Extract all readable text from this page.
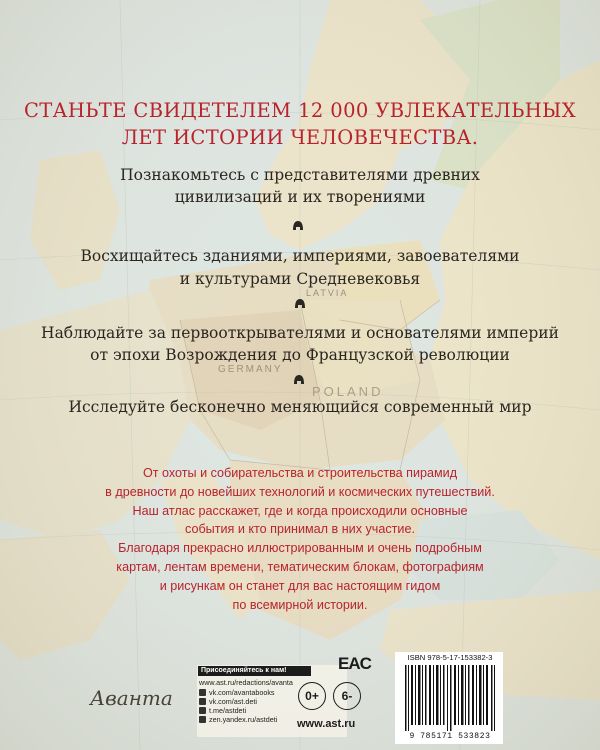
СТАНЬТЕ СВИДЕТЕЛЕМ 12 000 УВЛЕКАТЕЛЬНЫХ
ЛЕТ ИСТОРИИ ЧЕЛОВЕЧЕСТВА.
Познакомьтесь с представителями древних
цивилизаций и их творениями
Восхищайтесь зданиями, империями, завоевателями
и культурами Средневековья
Наблюдайте за первооткрывателями и основателями империй
от эпохи Возрождения до Французской революции
Исследуйте бесконечно меняющийся современный мир
От охоты и собирательства и строительства пирамид
в древности до новейших технологий и космических путешествий.
Наш атлас расскажет, где и когда происходили основные
события и кто принимал в них участие.
Благодаря прекрасно иллюстрированным и очень подробным
картам, лентам времени, тематическим блокам, фотографиям
и рисункам он станет для вас настоящим гидом
по всемирной истории.
Аванта
Присоединяйтесь к нам!
www.ast.ru/redactions/avanta
vk.com/avantabooks
vk.com/ast.deti
t.me/astdeti
zen.yandex.ru/astdeti www.ast.ru
0+	6-
EAC	ISBN 978-5-17-153382-3
9 785171 533823
